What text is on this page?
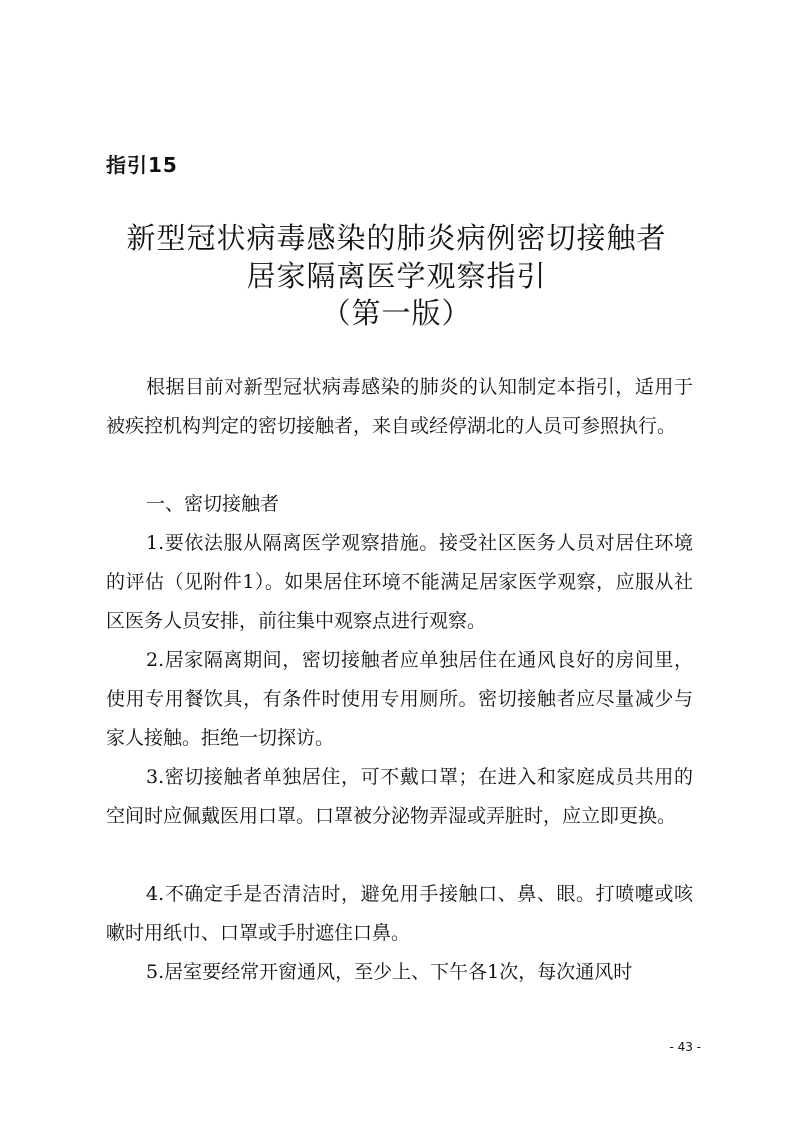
指引15

新型冠状病毒感染的肺炎病例密切接触者
居家隔离医学观察指引
（第一版）

根据目前对新型冠状病毒感染的肺炎的认知制定本指引，适用于被疾控机构判定的密切接触者，来自或经停湖北的人员可参照执行。

一、密切接触者

1.要依法服从隔离医学观察措施。接受社区医务人员对居住环境的评估（见附件1）。如果居住环境不能满足居家医学观察，应服从社区医务人员安排，前往集中观察点进行观察。

2.居家隔离期间，密切接触者应单独居住在通风良好的房间里，使用专用餐饮具，有条件时使用专用厕所。密切接触者应尽量减少与家人接触。拒绝一切探访。

3.密切接触者单独居住，可不戴口罩；在进入和家庭成员共用的空间时应佩戴医用口罩。口罩被分泌物弄湿或弄脏时，应立即更换。

4.不确定手是否清洁时，避免用手接触口、鼻、眼。打喷嚏或咳嗽时用纸巾、口罩或手肘遮住口鼻。

5.居室要经常开窗通风，至少上、下午各1次，每次通风时

- 43 -
